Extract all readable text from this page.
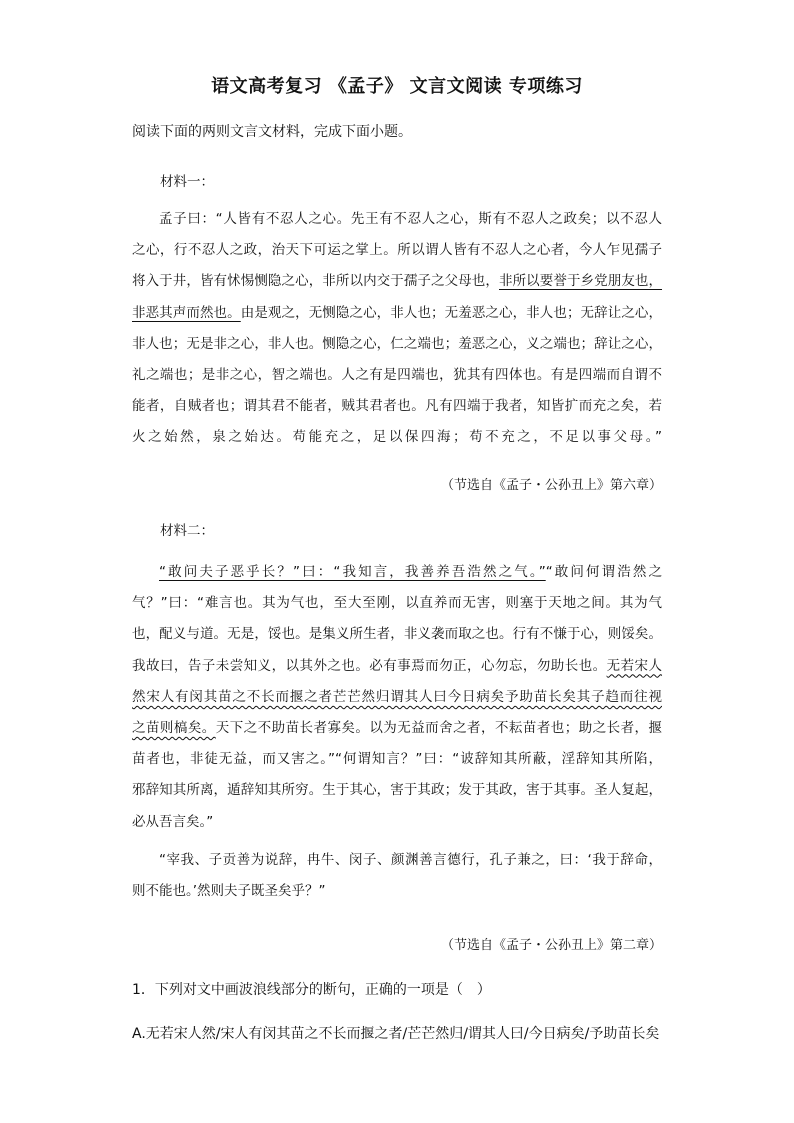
语文高考复习 《孟子》 文言文阅读 专项练习
阅读下面的两则文言文材料，完成下面小题。
材料一：
孟子曰：“人皆有不忍人之心。先王有不忍人之心，斯有不忍人之政矣；以不忍人
之心，行不忍人之政，治天下可运之掌上。所以谓人皆有不忍人之心者，今人乍见孺子
将入于井，皆有怵惕恻隐之心，非所以内交于孺子之父母也，非所以要誉于乡党朋友也，
非恶其声而然也。由是观之，无恻隐之心，非人也；无羞恶之心，非人也；无辞让之心，
非人也；无是非之心，非人也。恻隐之心，仁之端也；羞恶之心，义之端也；辞让之心，
礼之端也；是非之心，智之端也。人之有是四端也，犹其有四体也。有是四端而自谓不
能者，自贼者也；谓其君不能者，贼其君者也。凡有四端于我者，知皆扩而充之矣，若
火之始然，泉之始达。苟能充之，足以保四海；苟不充之，不足以事父母。”
（节选自《孟子・公孙丑上》第六章）
材料二：
“敢问夫子恶乎长？”曰：“我知言，我善养吾浩然之气。”“敢问何谓浩然之
气？”曰：“难言也。其为气也，至大至刚，以直养而无害，则塞于天地之间。其为气
也，配义与道。无是，馁也。是集义所生者，非义袭而取之也。行有不慊于心，则馁矣。
我故曰，告子未尝知义，以其外之也。必有事焉而勿正，心勿忘，勿助长也。无若宋人
然宋人有闵其苗之不长而揠之者芒芒然归谓其人曰今日病矣予助苗长矣其子趋而往视
之苗则槁矣。天下之不助苗长者寡矣。以为无益而舍之者，不耘苗者也；助之长者，揠
苗者也，非徒无益，而又害之。”“何谓知言？”曰：“诐辞知其所蔽，淫辞知其所陷，
邪辞知其所离，遁辞知其所穷。生于其心，害于其政；发于其政，害于其事。圣人复起，
必从吾言矣。”
“宰我、子贡善为说辞，冉牛、闵子、颜渊善言德行，孔子兼之，曰：‘我于辞命，
则不能也。’然则夫子既圣矣乎？”
（节选自《孟子・公孙丑上》第二章）
1．下列对文中画波浪线部分的断句，正确的一项是（　）
A.无若宋人然/宋人有闵其苗之不长而揠之者/芒芒然归/谓其人曰/今日病矣/予助苗长矣
